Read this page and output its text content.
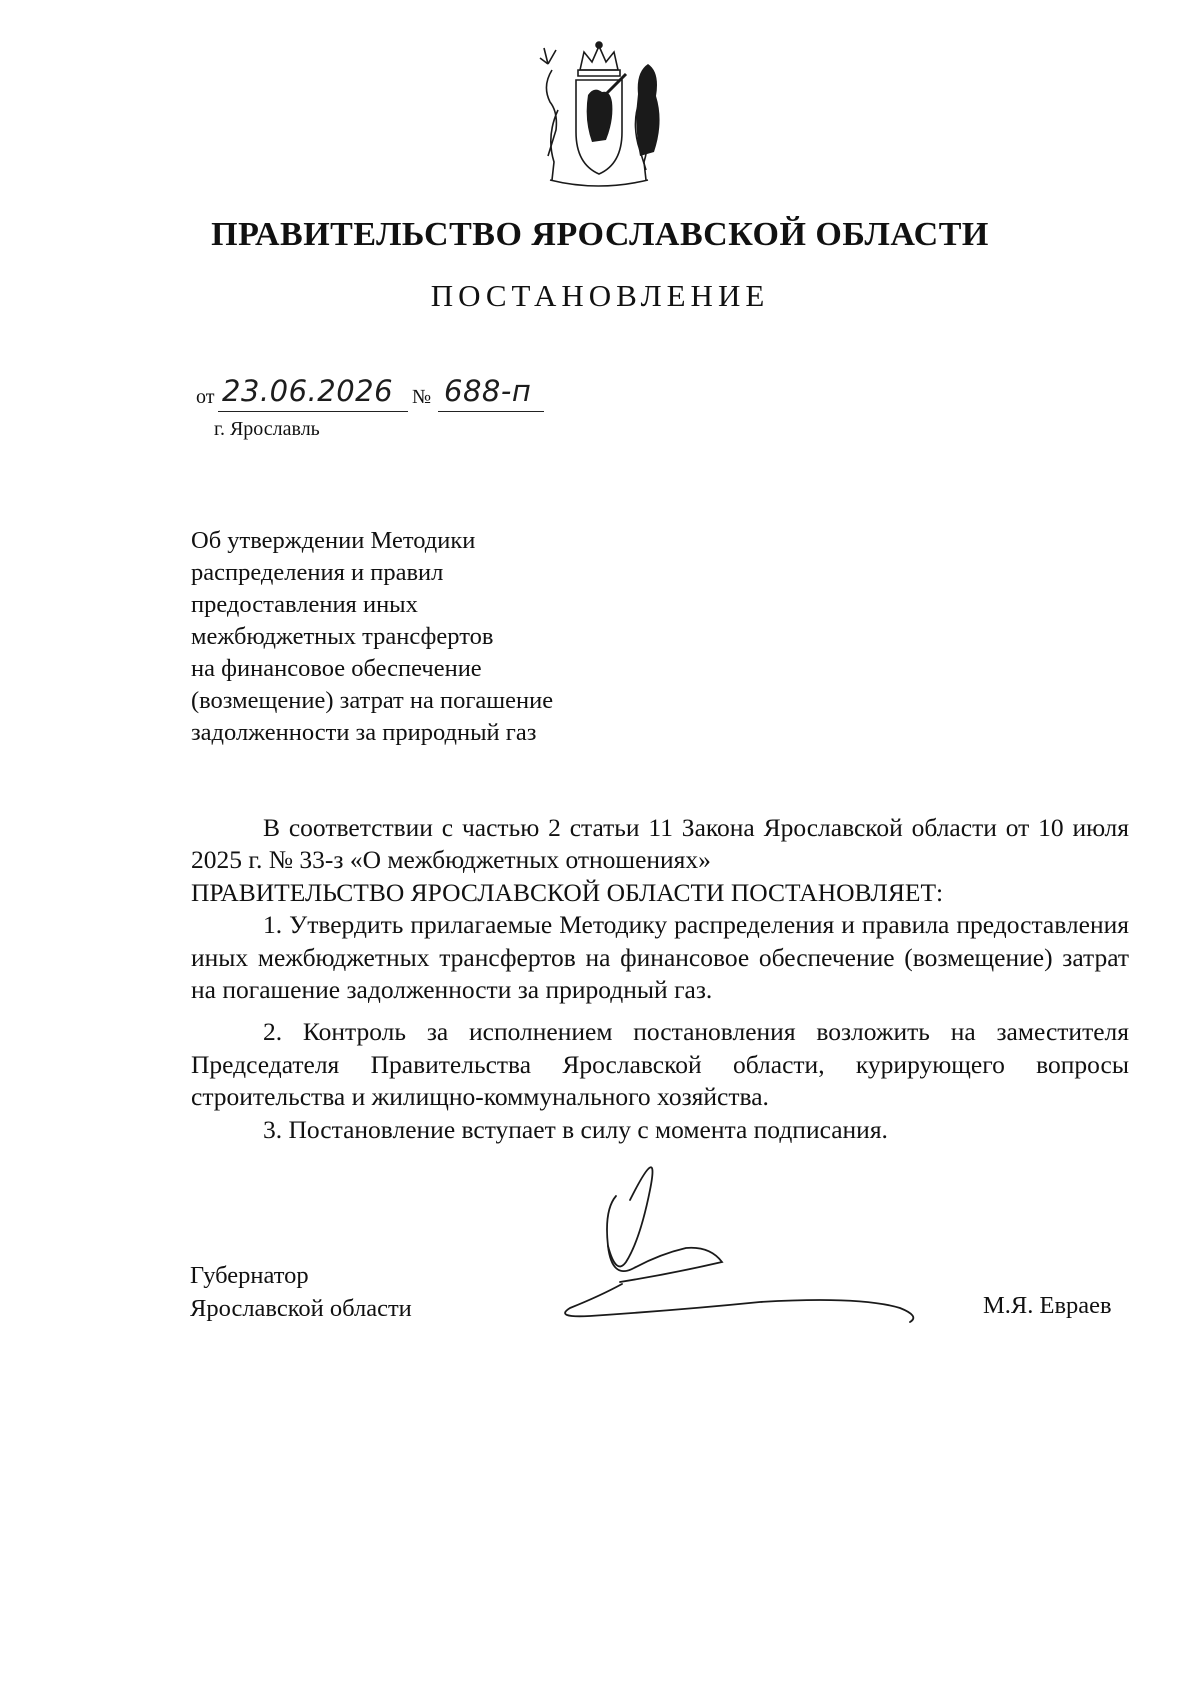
ПРАВИТЕЛЬСТВО ЯРОСЛАВСКОЙ ОБЛАСТИ
ПОСТАНОВЛЕНИЕ
от 23.06.2026 № 688-п
г. Ярославль
Об утверждении Методики
распределения и правил
предоставления иных
межбюджетных трансфертов
на финансовое обеспечение
(возмещение) затрат на погашение
задолженности за природный газ

В соответствии с частью 2 статьи 11 Закона Ярославской области от 10 июля 2025 г. № 33-з «О межбюджетных отношениях»

ПРАВИТЕЛЬСТВО ЯРОСЛАВСКОЙ ОБЛАСТИ ПОСТАНОВЛЯЕТ:

1. Утвердить прилагаемые Методику распределения и правила предоставления иных межбюджетных трансфертов на финансовое обеспечение (возмещение) затрат на погашение задолженности за природный газ.

2. Контроль за исполнением постановления возложить на заместителя Председателя Правительства Ярославской области, курирующего вопросы строительства и жилищно-коммунального хозяйства.

3. Постановление вступает в силу с момента подписания.

Губернатор
Ярославской области	М.Я. Евраев
